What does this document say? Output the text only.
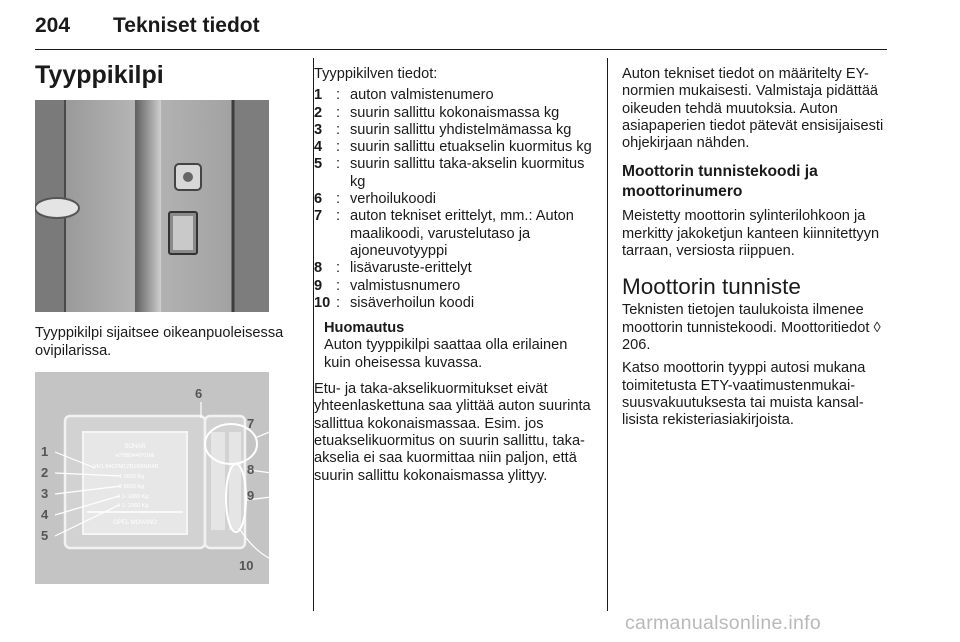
204 Tekniset tiedot
Tyyppikilpi
Tyyppikilpi sijaitsee oikeanpuoleisessa ovipilarissa.
SONAR
e2*88/3446*0166
VH1 84CFM1ZB16RNR4R
1 3600 Kg
2 6600 Kg
3 1- 1860 Kg
4 1- 2060 Kg
OPEL MOVANO
1
2
3
4
5
6
7
8
9
10
Tyyppikilven tiedot:
1 : auton valmistenumero
2 : suurin sallittu kokonaismassa kg
3 : suurin sallittu yhdistelmämassa kg
4 : suurin sallittu etuakselin kuormitus kg
5 : suurin sallittu taka-akselin kuormitus kg
6 : verhoilukoodi
7 : auton tekniset erittelyt, mm.: Auton maalikoodi, varustelutaso ja ajoneuvotyyppi
8 : lisävaruste-erittelyt
9 : valmistusnumero
10 : sisäverhoilun koodi
Huomautus
Auton tyyppikilpi saattaa olla erilainen kuin oheisessa kuvassa.
Etu- ja taka-akselikuormitukset eivät yhteenlaskettuna saa ylittää auton suurinta sallittua kokonaismassaa. Esim. jos etuakselikuormitus on suurin sallittu, taka-akselia ei saa kuormittaa niin paljon, että suurin sallittu kokonaismassa ylittyy.
Auton tekniset tiedot on määritelty EY-normien mukaisesti. Valmistaja pidättää oikeuden tehdä muutoksia. Auton asiapaperien tiedot pätevät ensisijaisesti ohjekirjaan nähden.
Moottorin tunnistekoodi ja moottorinumero
Meistetty moottorin sylinterilohkoon ja merkitty jakoketjun kanteen kiinnitettyyn tarraan, versiosta riippuen.
Moottorin tunniste
Teknisten tietojen taulukoista ilmenee moottorin tunnistekoodi. Moottoritiedot ◊ 206.
Katso moottorin tyyppi autosi mukana toimitetusta ETY-vaatimustenmukaisuusvakuutuksesta tai muista kansallisista rekisteriasiakirjoista.
carmanualsonline.info
